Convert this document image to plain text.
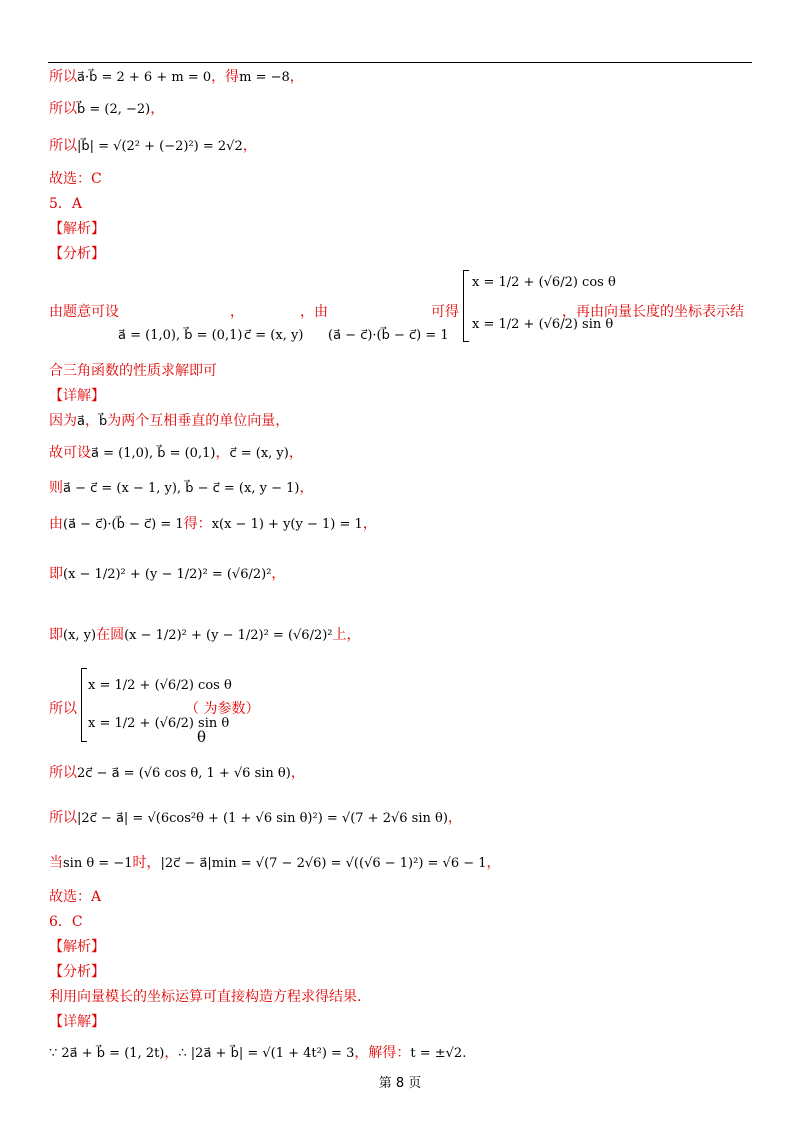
所以a⃗·b⃗ = 2 + 6 + m = 0，得m = −8，
所以b⃗ = (2, −2)，
所以|b⃗| = √(2² + (−2)²) = 2√2，
故选：C
5．A
【解析】
【分析】
由题意可设
a⃗ = (1,0), b⃗ = (0,1)
，
c⃗ = (x, y)
，由
(a⃗ − c⃗)·(b⃗ − c⃗) = 1
可得
x = 1/2 + (√6/2) cos θ
x = 1/2 + (√6/2) sin θ
，再由向量长度的坐标表示结
合三角函数的性质求解即可
【详解】
因为a⃗，b⃗为两个互相垂直的单位向量，
故可设a⃗ = (1,0), b⃗ = (0,1)，c⃗ = (x, y)，
则a⃗ − c⃗ = (x − 1, y), b⃗ − c⃗ = (x, y − 1)，
由(a⃗ − c⃗)·(b⃗ − c⃗) = 1得：x(x − 1) + y(y − 1) = 1，
即(x − 1/2)² + (y − 1/2)² = (√6/2)²，
即(x, y)在圆(x − 1/2)² + (y − 1/2)² = (√6/2)²上，
所以
x = 1/2 + (√6/2) cos θ
x = 1/2 + (√6/2) sin θ
（ 为参数）
θ
所以2c⃗ − a⃗ = (√6 cos θ, 1 + √6 sin θ)，
所以|2c⃗ − a⃗| = √(6cos²θ + (1 + √6 sin θ)²) = √(7 + 2√6 sin θ)，
当sin θ = −1时，|2c⃗ − a⃗|min = √(7 − 2√6) = √((√6 − 1)²) = √6 − 1，
故选：A
6．C
【解析】
【分析】
利用向量模长的坐标运算可直接构造方程求得结果.
【详解】
∵ 2a⃗ + b⃗ = (1, 2t)，∴ |2a⃗ + b⃗| = √(1 + 4t²) = 3，解得：t = ±√2.
第 8 页
